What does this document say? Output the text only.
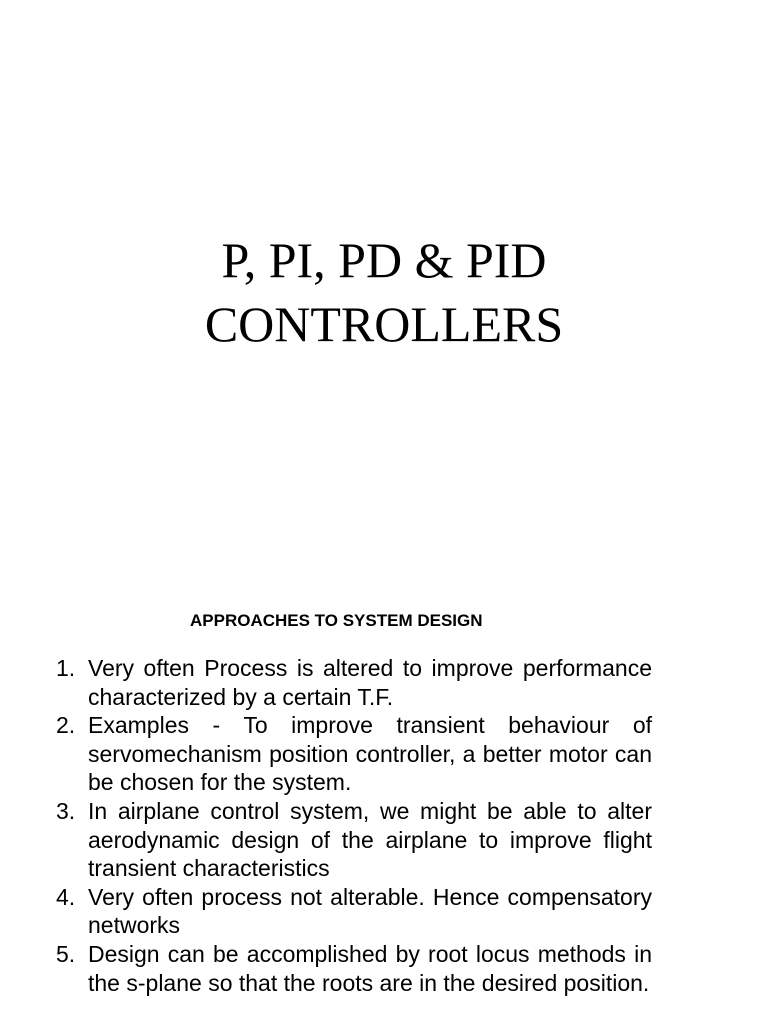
P, PI, PD & PID
CONTROLLERS
APPROACHES TO SYSTEM DESIGN
1. Very often Process is altered to improve performance characterized by a certain T.F.
2. Examples - To improve transient behaviour of servomechanism position controller, a better motor can be chosen for the system.
3. In airplane control system, we might be able to alter aerodynamic design of the airplane to improve flight transient characteristics
4. Very often process not alterable. Hence compensatory networks
5. Design can be accomplished by root locus methods in the s-plane so that the roots are in the desired position.
